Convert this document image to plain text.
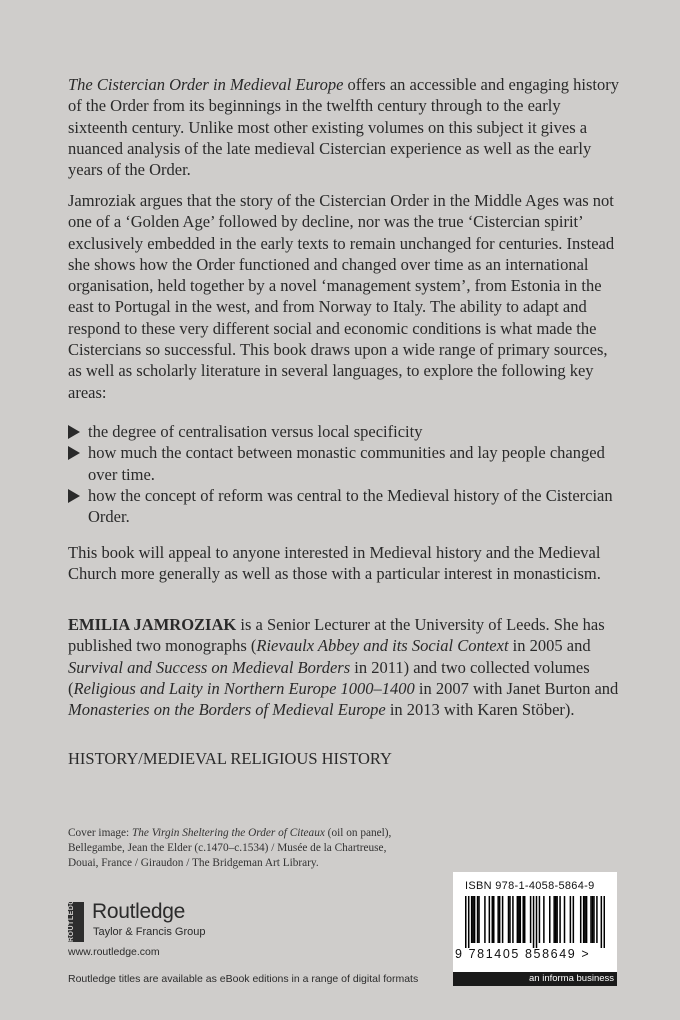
The Cistercian Order in Medieval Europe offers an accessible and engaging history of the Order from its beginnings in the twelfth century through to the early sixteenth century. Unlike most other existing volumes on this subject it gives a nuanced analysis of the late medieval Cistercian experience as well as the early years of the Order.

Jamroziak argues that the story of the Cistercian Order in the Middle Ages was not one of a ‘Golden Age’ followed by decline, nor was the true ‘Cistercian spirit’ exclusively embedded in the early texts to remain unchanged for centuries. Instead she shows how the Order functioned and changed over time as an international organisation, held together by a novel ‘management system’, from Estonia in the east to Portugal in the west, and from Norway to Italy. The ability to adapt and respond to these very different social and economic conditions is what made the Cistercians so successful. This book draws upon a wide range of primary sources, as well as scholarly literature in several languages, to explore the following key areas:

the degree of centralisation versus local specificity
how much the contact between monastic communities and lay people changed over time.
how the concept of reform was central to the Medieval history of the Cistercian Order.

This book will appeal to anyone interested in Medieval history and the Medieval Church more generally as well as those with a particular interest in monasticism.

EMILIA JAMROZIAK is a Senior Lecturer at the University of Leeds. She has published two monographs (Rievaulx Abbey and its Social Context in 2005 and Survival and Success on Medieval Borders in 2011) and two collected volumes (Religious and Laity in Northern Europe 1000–1400 in 2007 with Janet Burton and Monasteries on the Borders of Medieval Europe in 2013 with Karen Stöber).

HISTORY/MEDIEVAL RELIGIOUS HISTORY
Cover image: The Virgin Sheltering the Order of Citeaux (oil on panel), Bellegambe, Jean the Elder (c.1470–c.1534) / Musée de la Chartreuse, Douai, France / Giraudon / The Bridgeman Art Library.
ROUTLEDGE Routledge
Taylor & Francis Group
www.routledge.com
Routledge titles are available as eBook editions in a range of digital formats
ISBN 978-1-4058-5864-9
9 781405 858649 >
an informa business
